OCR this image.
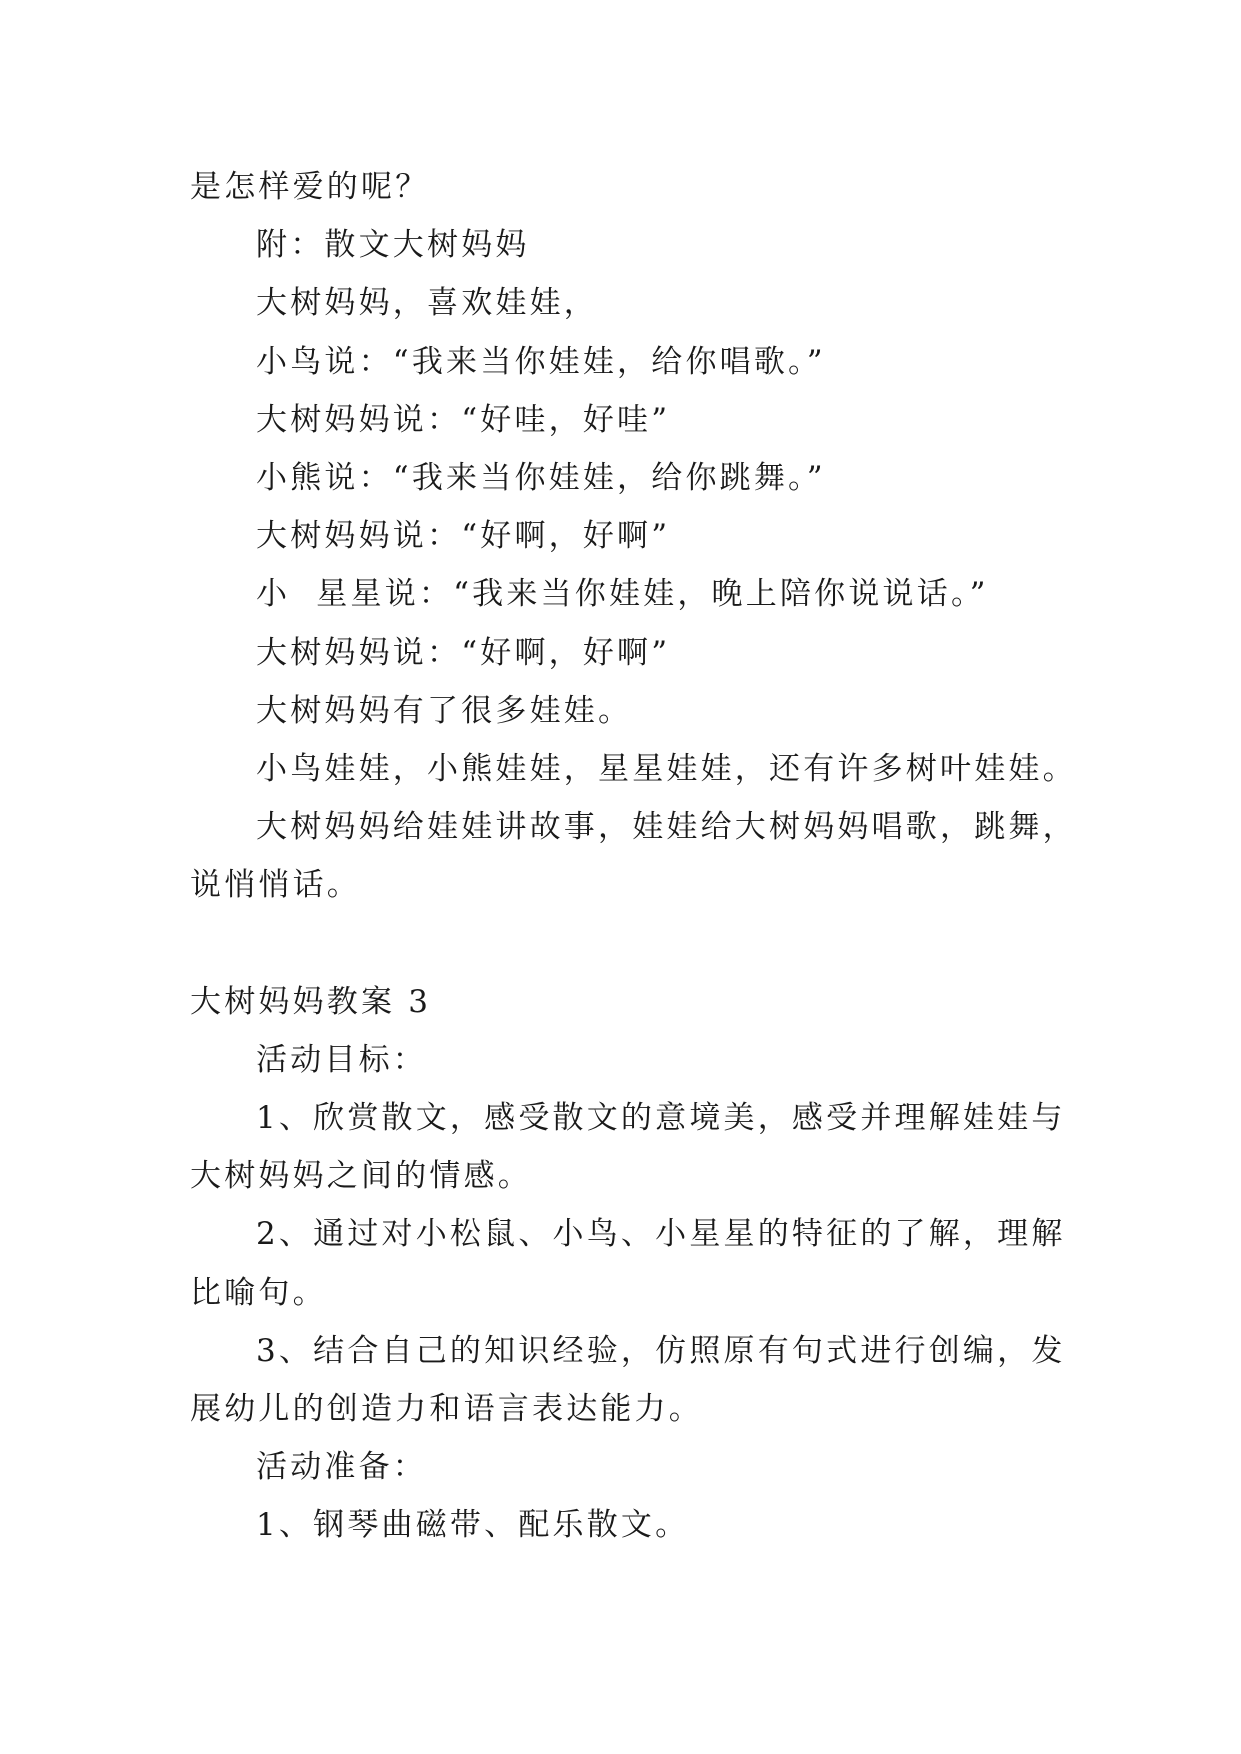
是怎样爱的呢？
附：散文大树妈妈
大树妈妈，喜欢娃娃，
小鸟说：“我来当你娃娃，给你唱歌。”
大树妈妈说：“好哇，好哇”
小熊说：“我来当你娃娃，给你跳舞。”
大树妈妈说：“好啊，好啊”
小  星星说：“我来当你娃娃，晚上陪你说说话。”
大树妈妈说：“好啊，好啊”
大树妈妈有了很多娃娃。
小鸟娃娃，小熊娃娃，星星娃娃，还有许多树叶娃娃。
大树妈妈给娃娃讲故事，娃娃给大树妈妈唱歌，跳舞，
说悄悄话。
大树妈妈教案 3
活动目标：
1、欣赏散文，感受散文的意境美，感受并理解娃娃与
大树妈妈之间的情感。
2、通过对小松鼠、小鸟、小星星的特征的了解，理解
比喻句。
3、结合自己的知识经验，仿照原有句式进行创编，发
展幼儿的创造力和语言表达能力。
活动准备：
1、钢琴曲磁带、配乐散文。
